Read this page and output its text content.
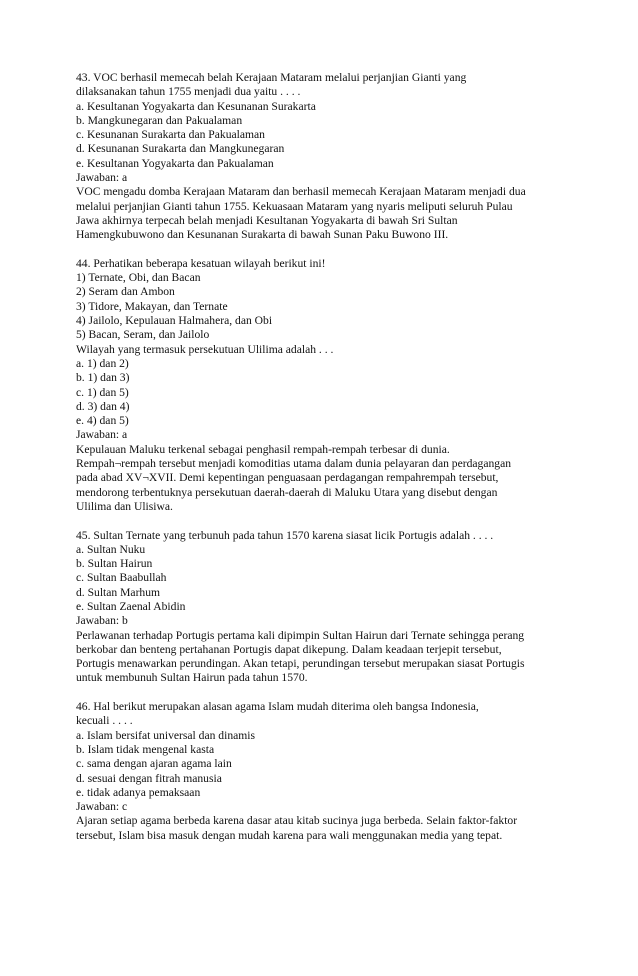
43. VOC berhasil memecah belah Kerajaan Mataram melalui perjanjian Gianti yang
dilaksanakan tahun 1755 menjadi dua yaitu . . . .
a. Kesultanan Yogyakarta dan Kesunanan Surakarta
b. Mangkunegaran dan Pakualaman
c. Kesunanan Surakarta dan Pakualaman
d. Kesunanan Surakarta dan Mangkunegaran
e. Kesultanan Yogyakarta dan Pakualaman
Jawaban: a
VOC mengadu domba Kerajaan Mataram dan berhasil memecah Kerajaan Mataram menjadi dua
melalui perjanjian Gianti tahun 1755. Kekuasaan Mataram yang nyaris meliputi seluruh Pulau
Jawa akhirnya terpecah belah menjadi Kesultanan Yogyakarta di bawah Sri Sultan
Hamengkubuwono dan Kesunanan Surakarta di bawah Sunan Paku Buwono III.
44. Perhatikan beberapa kesatuan wilayah berikut ini!
1) Ternate, Obi, dan Bacan
2) Seram dan Ambon
3) Tidore, Makayan, dan Ternate
4) Jailolo, Kepulauan Halmahera, dan Obi
5) Bacan, Seram, dan Jailolo
Wilayah yang termasuk persekutuan Ulilima adalah . . .
a. 1) dan 2)
b. 1) dan 3)
c. 1) dan 5)
d. 3) dan 4)
e. 4) dan 5)
Jawaban: a
Kepulauan Maluku terkenal sebagai penghasil rempah-rempah terbesar di dunia.
Rempah¬rempah tersebut menjadi komoditias utama dalam dunia pelayaran dan perdagangan
pada abad XV¬XVII. Demi kepentingan penguasaan perdagangan rempahrempah tersebut,
mendorong terbentuknya persekutuan daerah-daerah di Maluku Utara yang disebut dengan
Ulilima dan Ulisiwa.
45. Sultan Ternate yang terbunuh pada tahun 1570 karena siasat licik Portugis adalah . . . .
a. Sultan Nuku
b. Sultan Hairun
c. Sultan Baabullah
d. Sultan Marhum
e. Sultan Zaenal Abidin
Jawaban: b
Perlawanan terhadap Portugis pertama kali dipimpin Sultan Hairun dari Ternate sehingga perang
berkobar dan benteng pertahanan Portugis dapat dikepung. Dalam keadaan terjepit tersebut,
Portugis menawarkan perundingan. Akan tetapi, perundingan tersebut merupakan siasat Portugis
untuk membunuh Sultan Hairun pada tahun 1570.
46. Hal berikut merupakan alasan agama Islam mudah diterima oleh bangsa Indonesia,
kecuali . . . .
a. Islam bersifat universal dan dinamis
b. Islam tidak mengenal kasta
c. sama dengan ajaran agama lain
d. sesuai dengan fitrah manusia
e. tidak adanya pemaksaan
Jawaban: c
Ajaran setiap agama berbeda karena dasar atau kitab sucinya juga berbeda. Selain faktor-faktor
tersebut, Islam bisa masuk dengan mudah karena para wali menggunakan media yang tepat.
